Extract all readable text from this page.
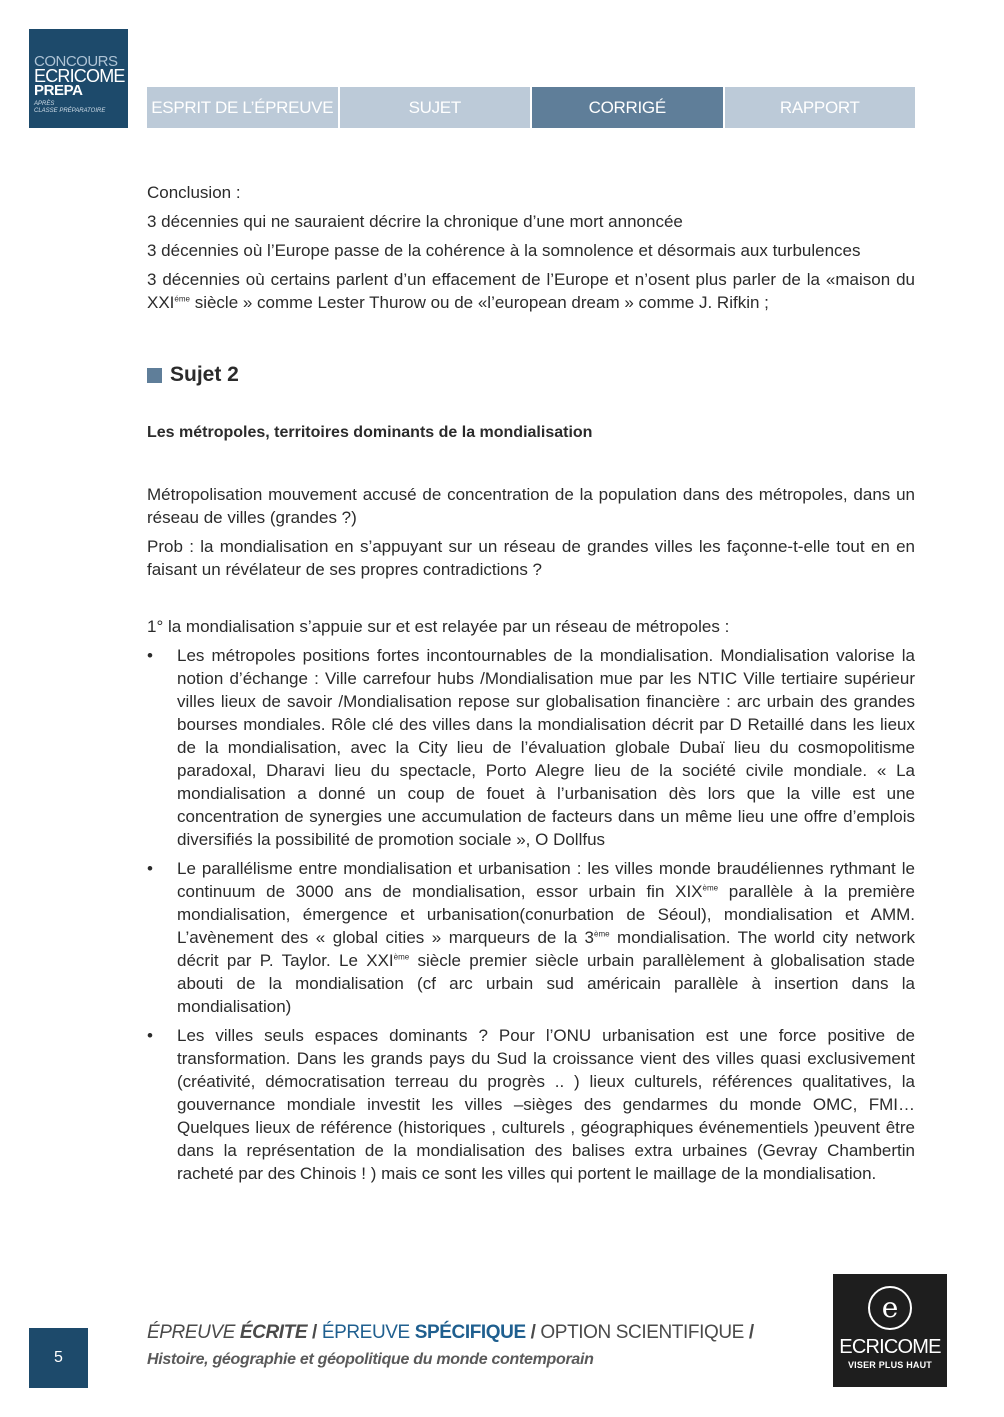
CONCOURS
ECRICOME
PREPA
APRÈS
CLASSE PRÉPARATOIRE	ESPRIT DE L’ÉPREUVE	SUJET	CORRIGÉ	RAPPORT

Conclusion :

3 décennies qui ne sauraient décrire la chronique d’une mort annoncée

3 décennies où l’Europe passe de la cohérence à la somnolence et désormais aux turbulences

3 décennies où certains parlent d’un effacement de l’Europe et n’osent plus parler de la «maison du $XXI^{éme}$ siècle » comme Lester Thurow ou de «l’european dream » comme J. Rifkin ;

Sujet 2
Les métropoles, territoires dominants de la mondialisation

Métropolisation mouvement accusé de concentration de la population dans des métropoles, dans un réseau de villes (grandes ?)

Prob : la mondialisation en s’appuyant sur un réseau de grandes villes les façonne-t-elle tout en en faisant un révélateur de ses propres contradictions ?

1° la mondialisation s’appuie sur et est relayée par un réseau de métropoles :

• Les métropoles positions fortes incontournables de la mondialisation. Mondialisation valorise la notion d’échange : Ville carrefour hubs /Mondialisation mue par les NTIC Ville tertiaire supérieur villes lieux de savoir /Mondialisation repose sur globalisation financière : arc urbain des grandes bourses mondiales. Rôle clé des villes dans la mondialisation décrit par D Retaillé dans les lieux de la mondialisation, avec la City lieu de l’évaluation globale Dubaï lieu du cosmopolitisme paradoxal, Dharavi lieu du spectacle, Porto Alegre lieu de la société civile mondiale. « La mondialisation a donné un coup de fouet à l’urbanisation dès lors que la ville est une concentration de synergies une accumulation de facteurs dans un même lieu une offre d’emplois diversifiés la possibilité de promotion sociale », O Dollfus
• Le parallélisme entre mondialisation et urbanisation : les villes monde braudéliennes rythmant le continuum de 3000 ans de mondialisation, essor urbain fin XIXème parallèle à la première mondialisation, émergence et urbanisation(conurbation de Séoul), mondialisation et AMM. L’avènement des « global cities » marqueurs de la 3ème mondialisation. The world city network décrit par P. Taylor. Le XXIème siècle premier siècle urbain parallèlement à globalisation stade abouti de la mondialisation (cf arc urbain sud américain parallèle à insertion dans la mondialisation)
• Les villes seuls espaces dominants ? Pour l’ONU urbanisation est une force positive de transformation. Dans les grands pays du Sud la croissance vient des villes quasi exclusivement (créativité, démocratisation terreau du progrès .. ) lieux culturels, références qualitatives, la gouvernance mondiale investit les villes –sièges des gendarmes du monde OMC, FMI… Quelques lieux de référence (historiques , culturels , géographiques événementiels )peuvent être dans la représentation de la mondialisation des balises extra urbaines (Gevray Chambertin racheté par des Chinois ! ) mais ce sont les villes qui portent le maillage de la mondialisation.
5
ÉPREUVE ÉCRITE / ÉPREUVE SPÉCIFIQUE / OPTION SCIENTIFIQUE /
Histoire, géographie et géopolitique du monde contemporain
e
ECRICOME
VISER PLUS HAUT
